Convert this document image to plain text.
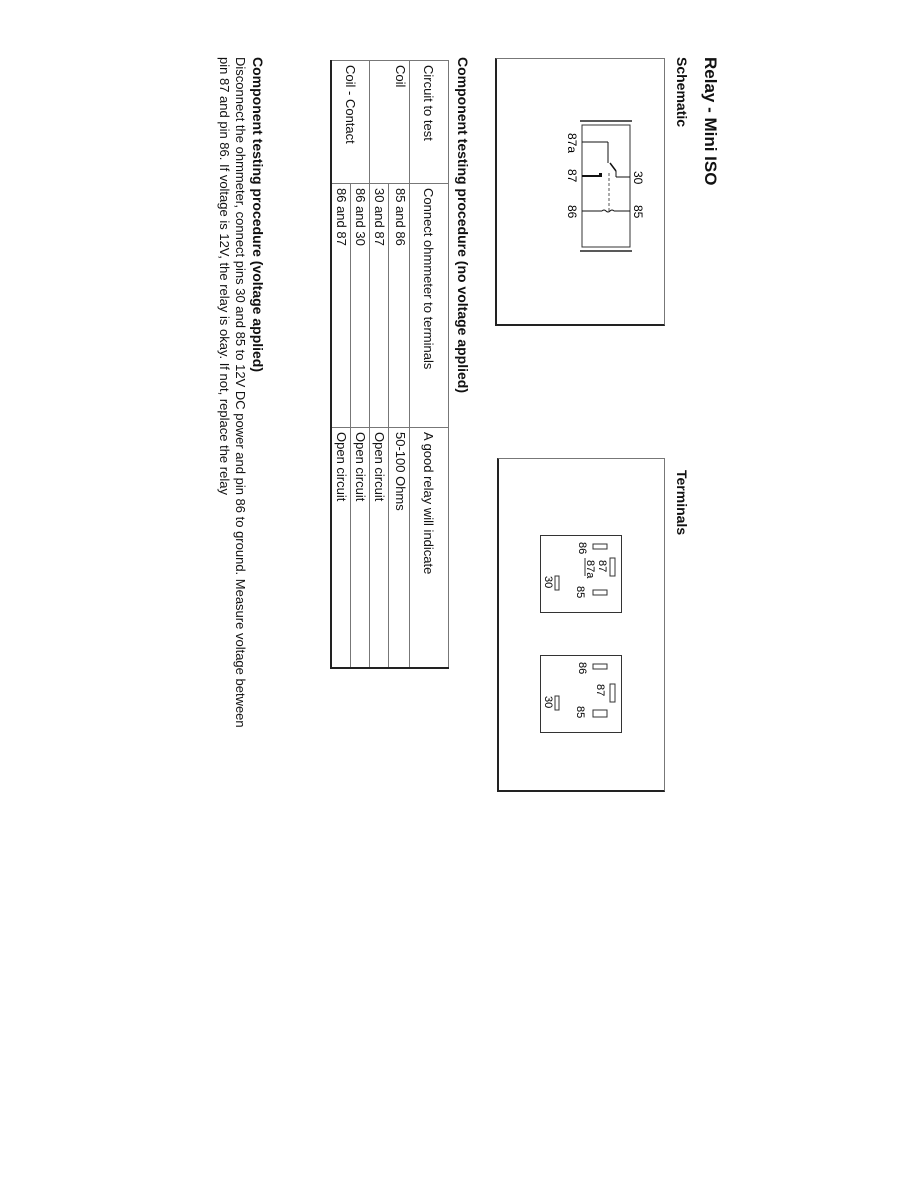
Relay - Mini ISO
Schematic
Terminals
30
85
87a
87
86
87
87a
86
85
30
87
86
85
30
Component testing procedure (no voltage applied)
Circuit to test	Connect ohmmeter to terminals	A good relay will indicate
Coil	85 and 86	50-100 Ohms
	30 and 87	Open circuit
Coil - Contact	86 and 30	Open circuit
	86 and 87	Open circuit
Component testing procedure (voltage applied)
Disconnect the ohmmeter, connect pins 30 and 85 to 12V DC power and pin 86 to ground. Measure voltage between
pin 87 and pin 86. If voltage is 12V, the relay is okay. If not, replace the relay
